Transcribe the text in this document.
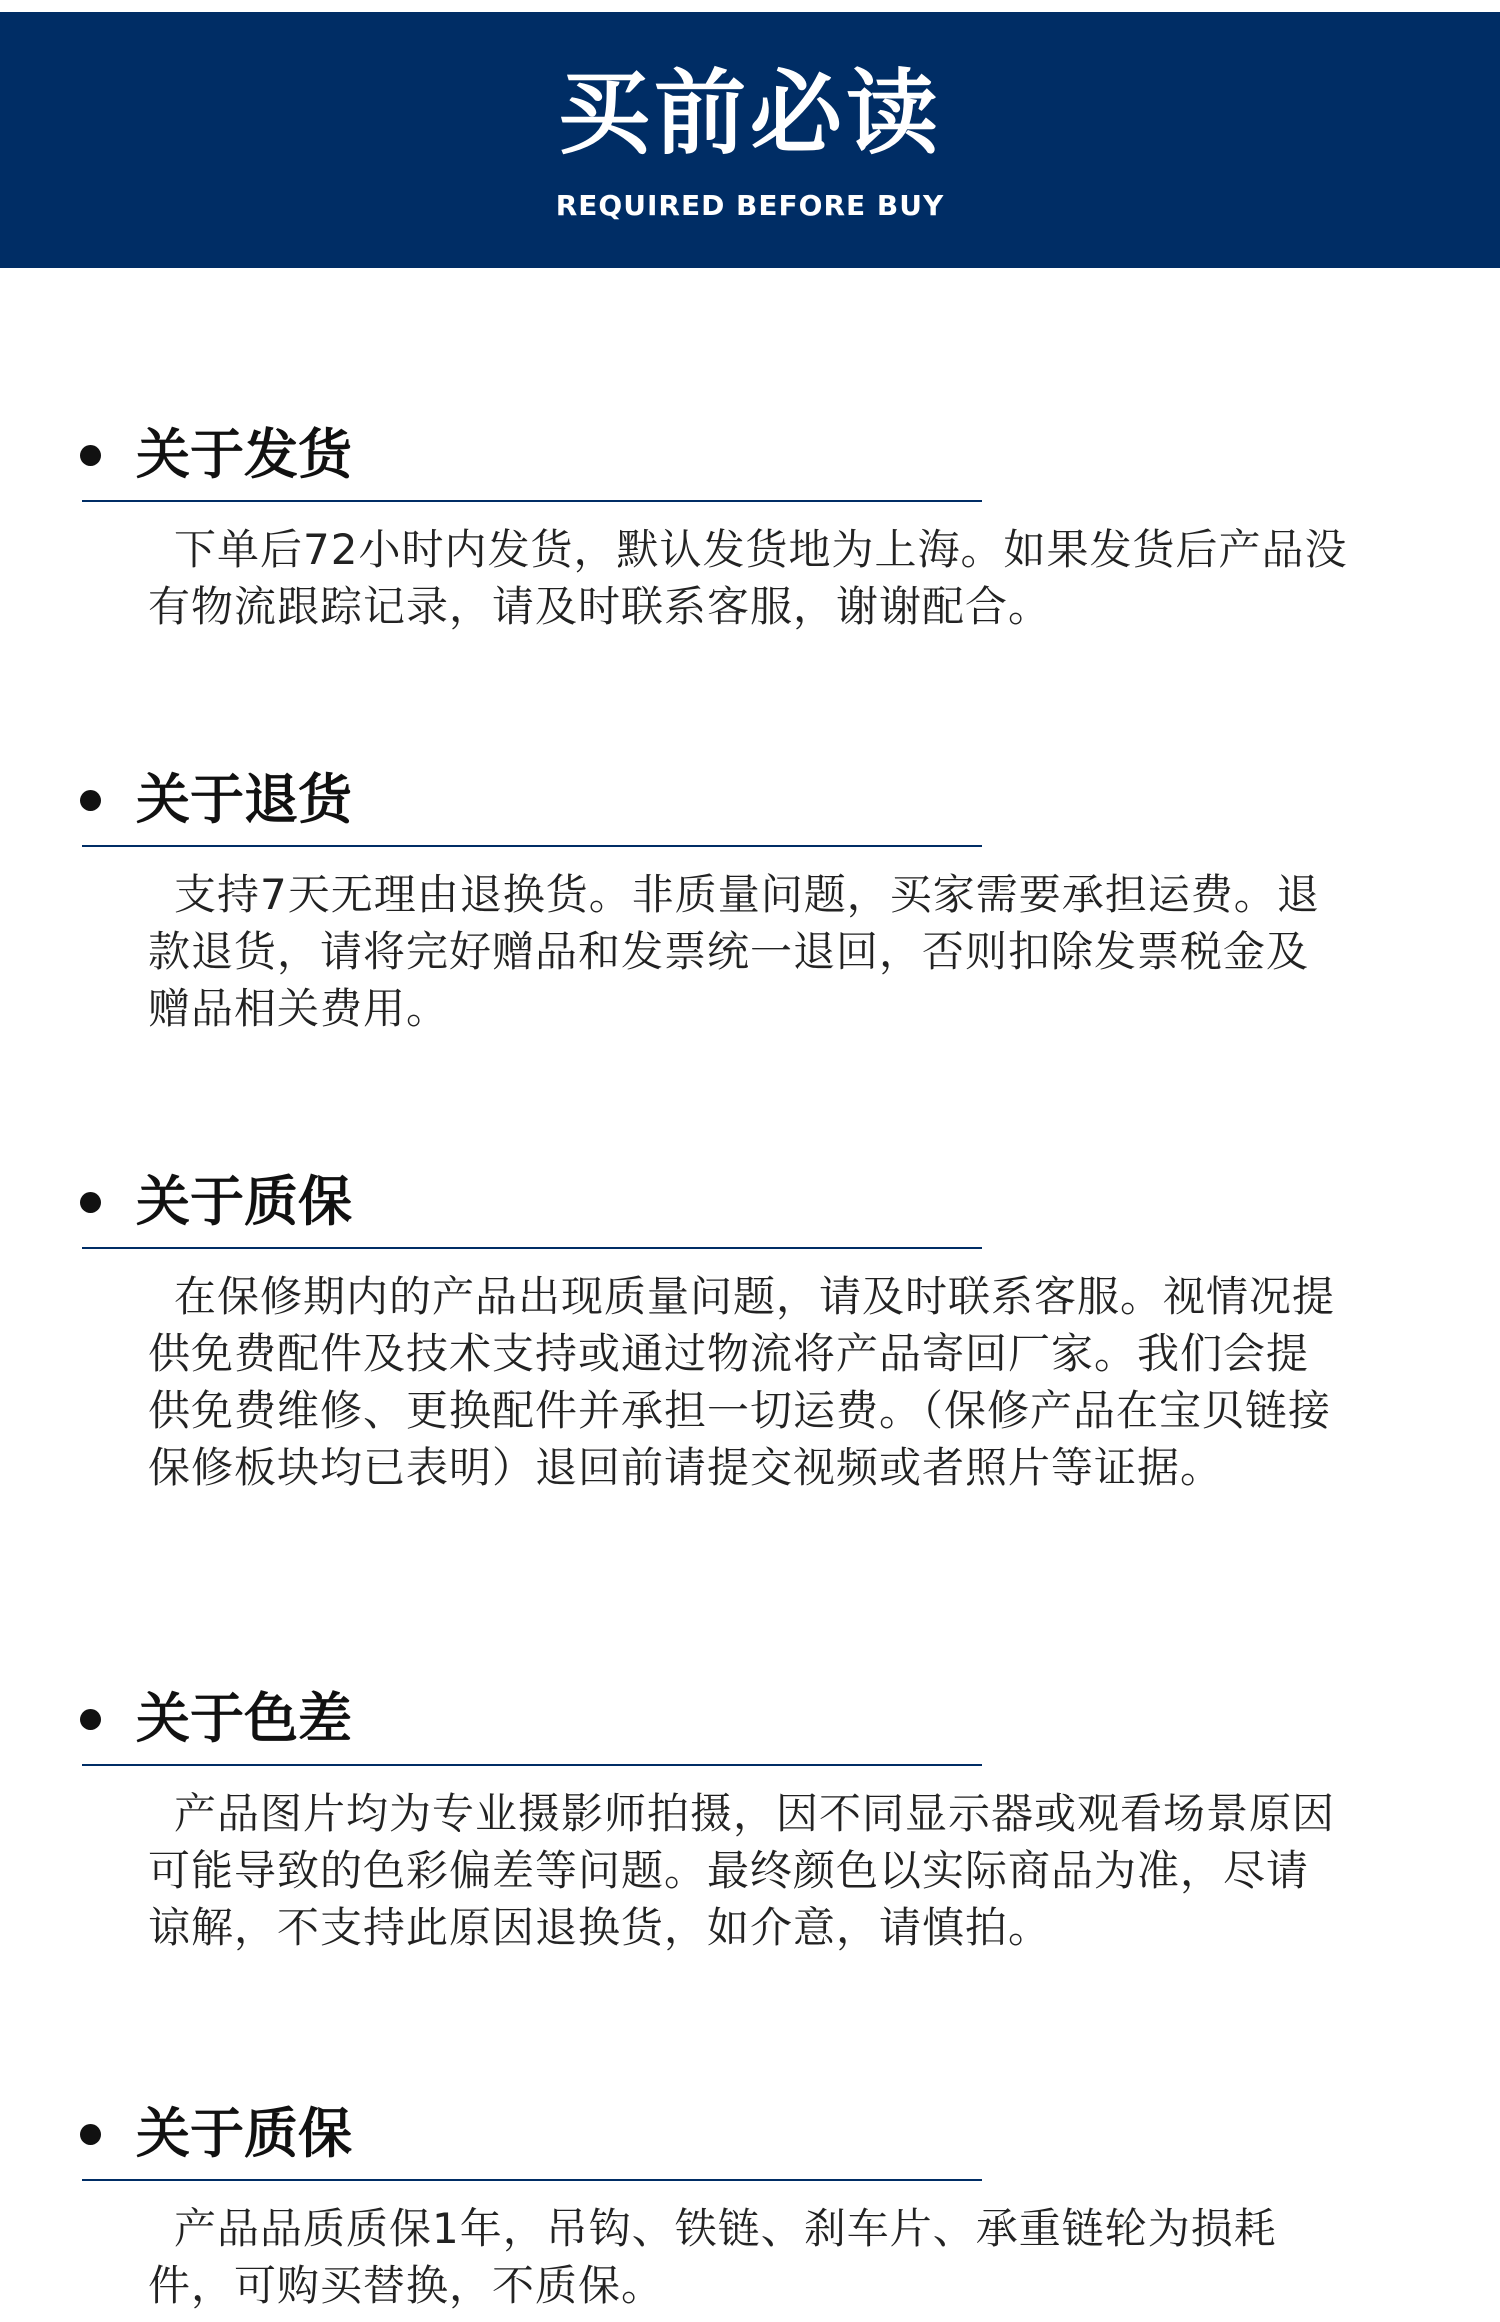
买前必读
REQUIRED BEFORE BUY
关于发货
下单后72小时内发货，默认发货地为上海。如果发货后产品没有物流跟踪记录，请及时联系客服，谢谢配合。
关于退货
支持7天无理由退换货。非质量问题，买家需要承担运费。退款退货，请将完好赠品和发票统一退回，否则扣除发票税金及赠品相关费用。
关于质保
在保修期内的产品出现质量问题，请及时联系客服。视情况提供免费配件及技术支持或通过物流将产品寄回厂家。我们会提供免费维修、更换配件并承担一切运费。（保修产品在宝贝链接保修板块均已表明）退回前请提交视频或者照片等证据。
关于色差
产品图片均为专业摄影师拍摄，因不同显示器或观看场景原因可能导致的色彩偏差等问题。最终颜色以实际商品为准，尽请谅解，不支持此原因退换货，如介意，请慎拍。
关于质保
产品品质质保1年，吊钩、铁链、刹车片、承重链轮为损耗件，可购买替换，不质保。
